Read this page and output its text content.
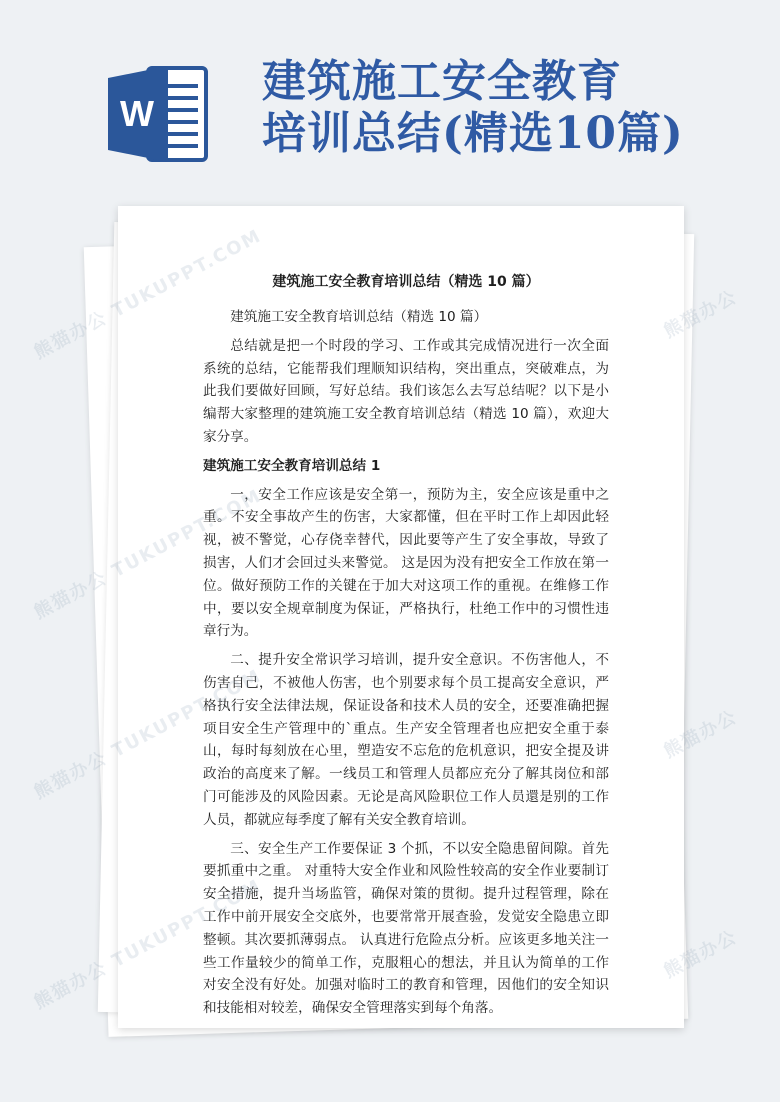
W
建筑施工安全教育
培训总结(精选10篇)
建筑施工安全教育培训总结（精选 10 篇）

建筑施工安全教育培训总结（精选 10 篇）

总结就是把一个时段的学习、工作或其完成情况进行一次全面系统的总结，它能帮我们理顺知识结构，突出重点，突破难点，为此我们要做好回顾，写好总结。我们该怎么去写总结呢？以下是小编帮大家整理的建筑施工安全教育培训总结（精选 10 篇），欢迎大家分享。

建筑施工安全教育培训总结 1

一，安全工作应该是安全第一，预防为主，安全应该是重中之重。不安全事故产生的伤害，大家都懂，但在平时工作上却因此轻视，被不警觉，心存侥幸替代，因此要等产生了安全事故，导致了损害，人们才会回过头来警觉。 这是因为没有把安全工作放在第一位。做好预防工作的关键在于加大对这项工作的重视。在维修工作中，要以安全规章制度为保证，严格执行，杜绝工作中的习惯性违章行为。

二、提升安全常识学习培训，提升安全意识。不伤害他人，不伤害自己，不被他人伤害，也个别要求每个员工提高安全意识，严格执行安全法律法规，保证设备和技术人员的安全，还要准确把握项目安全生产管理中的`重点。生产安全管理者也应把安全重于泰山，每时每刻放在心里，塑造安不忘危的危机意识，把安全提及讲政治的高度来了解。一线员工和管理人员都应充分了解其岗位和部门可能涉及的风险因素。无论是高风险职位工作人员還是别的工作人员，都就应每季度了解有关安全教育培训。

三、安全生产工作要保证 3 个抓，不以安全隐患留间隙。首先要抓重中之重。 对重特大安全作业和风险性较高的安全作业要制订安全措施，提升当场监管，确保对策的贯彻。提升过程管理，除在工作中前开展安全交底外，也要常常开展查验，发觉安全隐患立即整顿。其次要抓薄弱点。 认真进行危险点分析。应该更多地关注一些工作量较少的简单工作，克服粗心的想法，并且认为简单的工作对安全没有好处。加强对临时工的教育和管理，因他们的安全知识和技能相对较差，确保安全管理落实到每个角落。

熊猫办公
熊猫办公
熊猫办公
熊猫办公
熊猫办公
熊猫办公
熊猫办公
